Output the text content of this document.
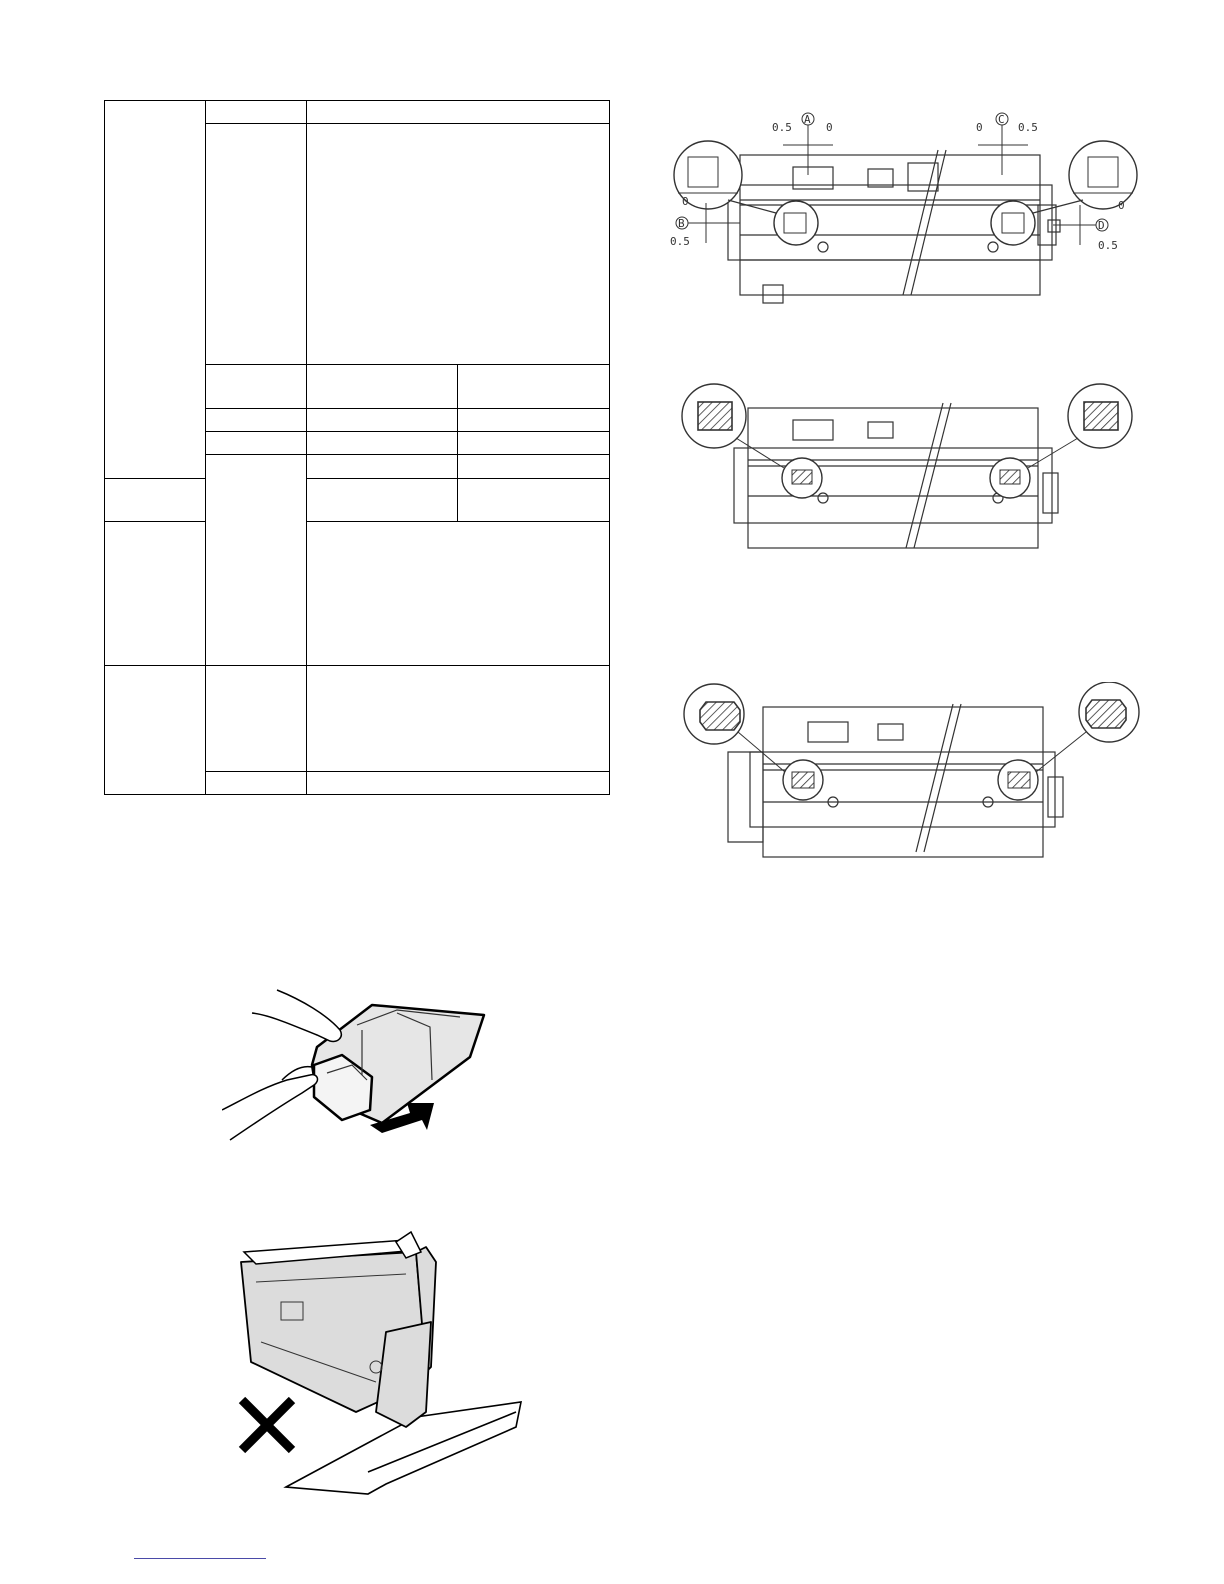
0.5	0
A
0	0.5
C
0
0.5
B
0
0.5
D
